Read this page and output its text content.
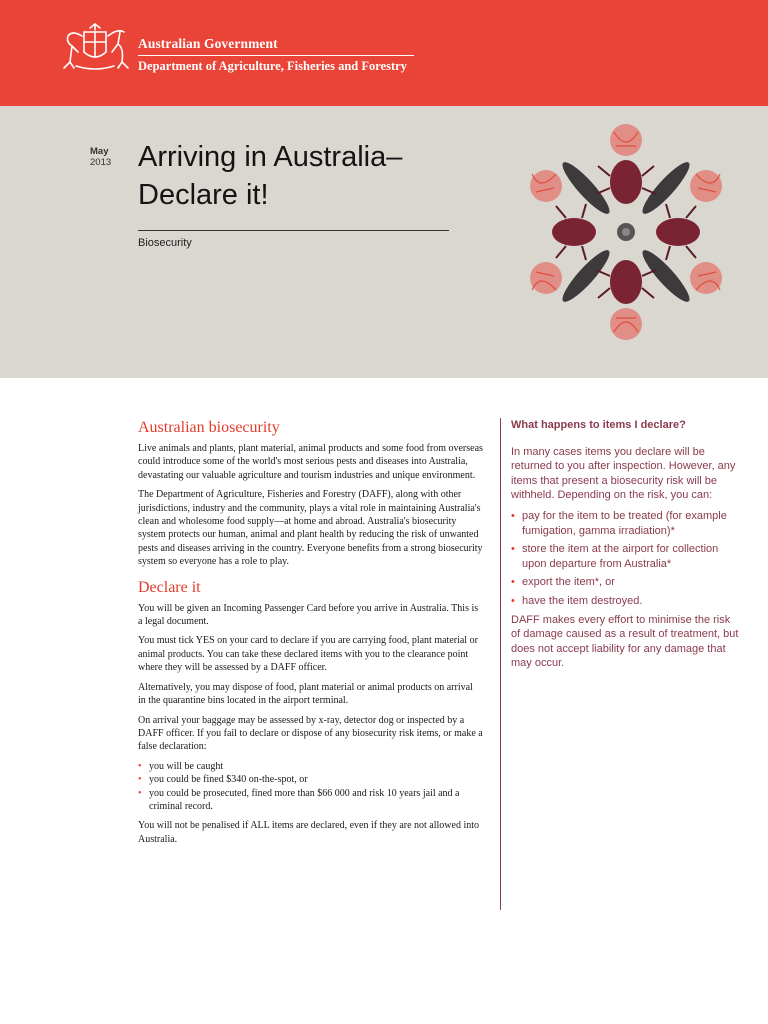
Australian Government
Department of Agriculture, Fisheries and Forestry
May
2013 Arriving in Australia–
Declare it!
Biosecurity
Australian biosecurity

Live animals and plants, plant material, animal products and some food from overseas could introduce some of the world's most serious pests and diseases into Australia, devastating our valuable agriculture and tourism industries and unique environment.

The Department of Agriculture, Fisheries and Forestry (DAFF), along with other jurisdictions, industry and the community, plays a vital role in maintaining Australia's clean and wholesome food supply—at home and abroad. Australia's biosecurity system protects our human, animal and plant health by reducing the risk of unwanted pests and diseases arriving in the country. Everyone benefits from a strong biosecurity system so everyone has a role to play.

Declare it

You will be given an Incoming Passenger Card before you arrive in Australia. This is a legal document.

You must tick YES on your card to declare if you are carrying food, plant material or animal products. You can take these declared items with you to the clearance point where they will be assessed by a DAFF officer.

Alternatively, you may dispose of food, plant material or animal products on arrival in the quarantine bins located in the airport terminal.

On arrival your baggage may be assessed by x-ray, detector dog or inspected by a DAFF officer. If you fail to declare or dispose of any biosecurity risk items, or make a false declaration:

• you will be caught
• you could be fined $340 on-the-spot, or
• you could be prosecuted, fined more than $66 000 and risk 10 years jail and a criminal record.

You will not be penalised if ALL items are declared, even if they are not allowed into Australia.

What happens to items I declare?

In many cases items you declare will be returned to you after inspection. However, any items that present a biosecurity risk will be withheld. Depending on the risk, you can:

• pay for the item to be treated (for example fumigation, gamma irradiation)*
• store the item at the airport for collection upon departure from Australia*
• export the item*, or
• have the item destroyed.

DAFF makes every effort to minimise the risk of damage caused as a result of treatment, but does not accept liability for any damage that may occur.
